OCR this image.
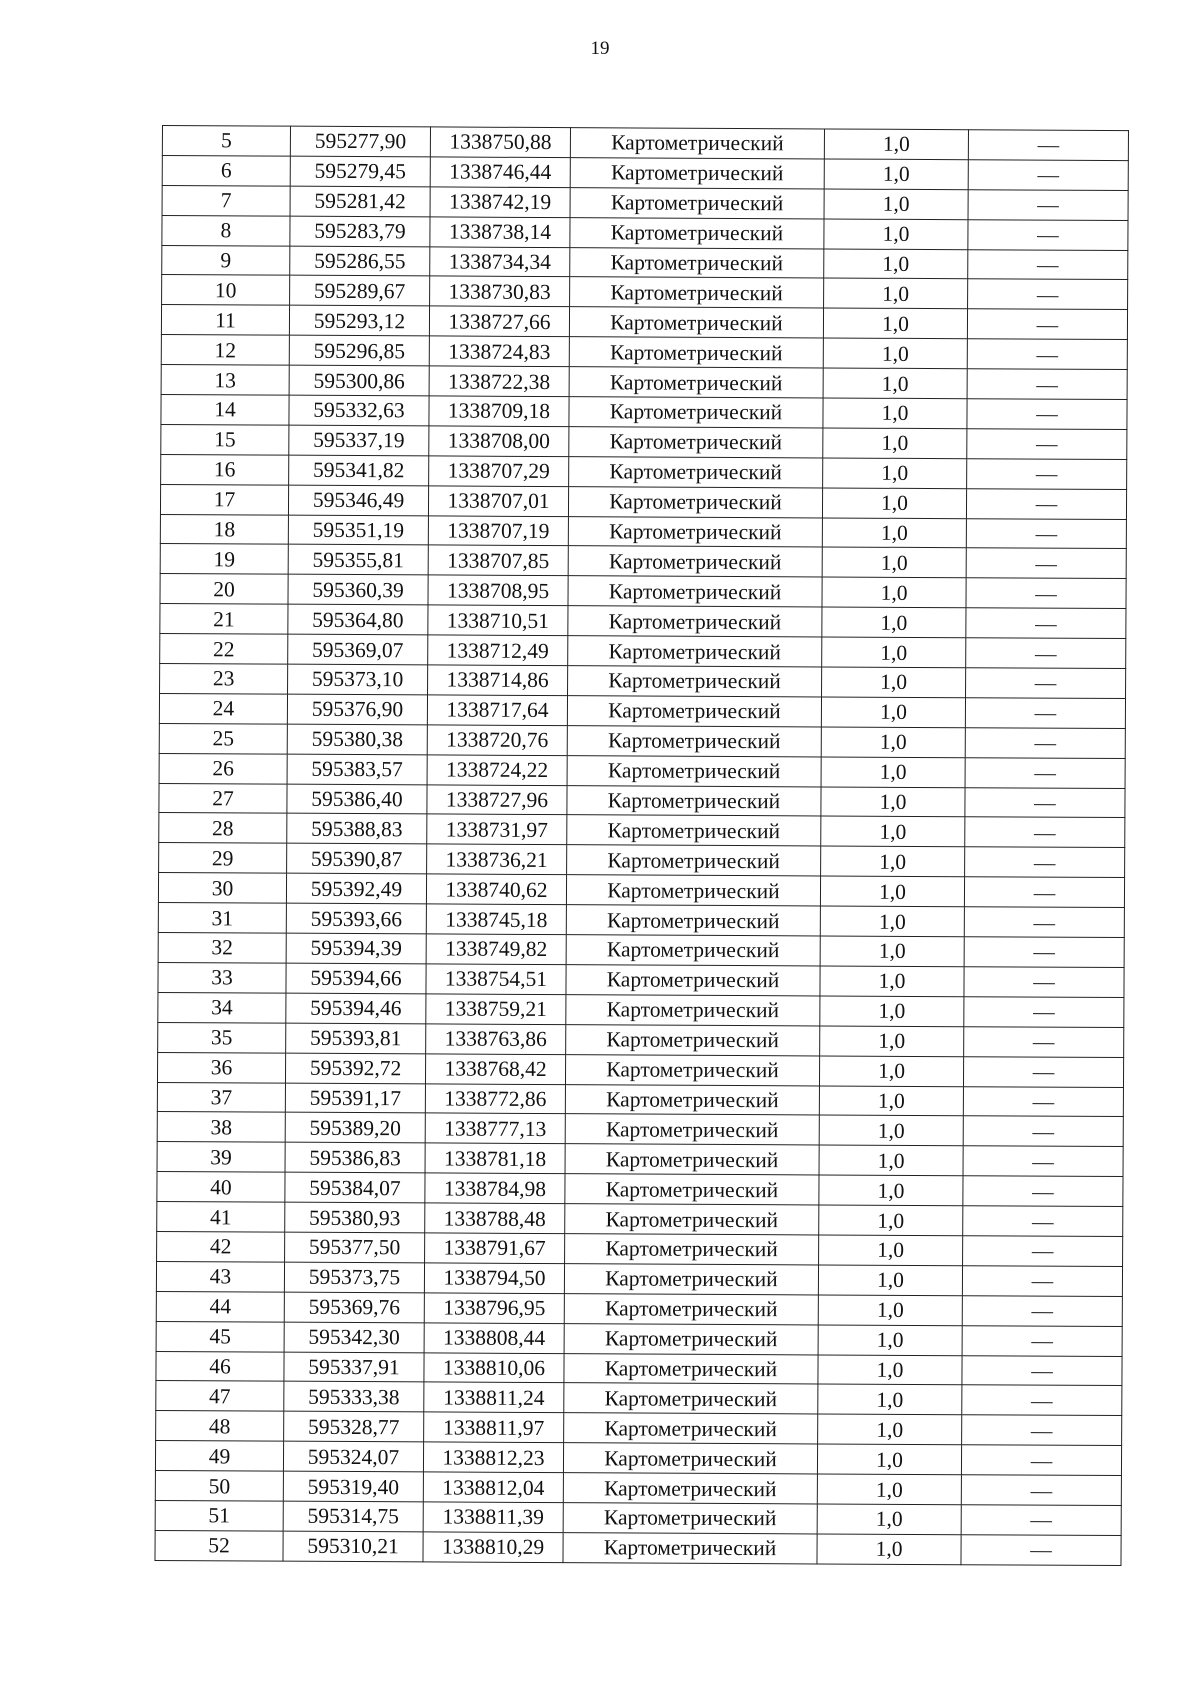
19
5	595277,90	1338750,88	Картометрический	1,0	—
6	595279,45	1338746,44	Картометрический	1,0	—
7	595281,42	1338742,19	Картометрический	1,0	—
8	595283,79	1338738,14	Картометрический	1,0	—
9	595286,55	1338734,34	Картометрический	1,0	—
10	595289,67	1338730,83	Картометрический	1,0	—
11	595293,12	1338727,66	Картометрический	1,0	—
12	595296,85	1338724,83	Картометрический	1,0	—
13	595300,86	1338722,38	Картометрический	1,0	—
14	595332,63	1338709,18	Картометрический	1,0	—
15	595337,19	1338708,00	Картометрический	1,0	—
16	595341,82	1338707,29	Картометрический	1,0	—
17	595346,49	1338707,01	Картометрический	1,0	—
18	595351,19	1338707,19	Картометрический	1,0	—
19	595355,81	1338707,85	Картометрический	1,0	—
20	595360,39	1338708,95	Картометрический	1,0	—
21	595364,80	1338710,51	Картометрический	1,0	—
22	595369,07	1338712,49	Картометрический	1,0	—
23	595373,10	1338714,86	Картометрический	1,0	—
24	595376,90	1338717,64	Картометрический	1,0	—
25	595380,38	1338720,76	Картометрический	1,0	—
26	595383,57	1338724,22	Картометрический	1,0	—
27	595386,40	1338727,96	Картометрический	1,0	—
28	595388,83	1338731,97	Картометрический	1,0	—
29	595390,87	1338736,21	Картометрический	1,0	—
30	595392,49	1338740,62	Картометрический	1,0	—
31	595393,66	1338745,18	Картометрический	1,0	—
32	595394,39	1338749,82	Картометрический	1,0	—
33	595394,66	1338754,51	Картометрический	1,0	—
34	595394,46	1338759,21	Картометрический	1,0	—
35	595393,81	1338763,86	Картометрический	1,0	—
36	595392,72	1338768,42	Картометрический	1,0	—
37	595391,17	1338772,86	Картометрический	1,0	—
38	595389,20	1338777,13	Картометрический	1,0	—
39	595386,83	1338781,18	Картометрический	1,0	—
40	595384,07	1338784,98	Картометрический	1,0	—
41	595380,93	1338788,48	Картометрический	1,0	—
42	595377,50	1338791,67	Картометрический	1,0	—
43	595373,75	1338794,50	Картометрический	1,0	—
44	595369,76	1338796,95	Картометрический	1,0	—
45	595342,30	1338808,44	Картометрический	1,0	—
46	595337,91	1338810,06	Картометрический	1,0	—
47	595333,38	1338811,24	Картометрический	1,0	—
48	595328,77	1338811,97	Картометрический	1,0	—
49	595324,07	1338812,23	Картометрический	1,0	—
50	595319,40	1338812,04	Картометрический	1,0	—
51	595314,75	1338811,39	Картометрический	1,0	—
52	595310,21	1338810,29	Картометрический	1,0	—
